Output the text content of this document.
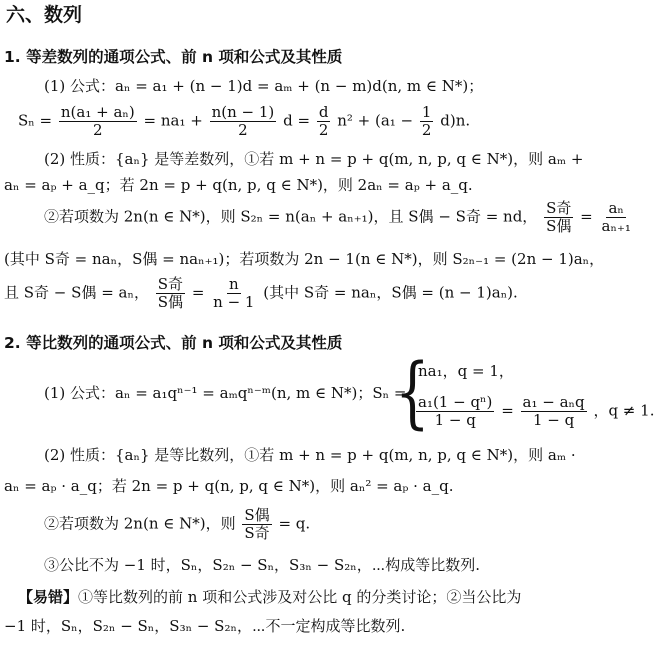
六、数列
1. 等差数列的通项公式、前 n 项和公式及其性质
(1) 公式：aₙ = a₁ + (n − 1)d = aₘ + (n − m)d(n, m ∈ N*)；
$S_n = \frac{\text{n(a₁ + aₙ)}}{2} = na_1 + \frac{n(n - 1)}{2}$ $d = \frac{d}{2} n^2 + (a_1 - \frac{1}{2} d)n$.
(2) 性质：{aₙ} 是等差数列，①若 m + n = p + q(m, n, p, q ∈ N*)，则 aₘ +
aₙ = aₚ + a_q；若 2n = p + q(n, p, q ∈ N*)，则 2aₙ = aₚ + a_q.
②若项数为 2n(n ∈ N*)，则 S₂ₙ = n(aₙ + aₙ₊₁)，且 S偶 − S奇 = nd， $\frac{\text{S奇}}{\text{S偶}} = \frac{\text{aₙ}}{\text{aₙ₊₁}}$
(其中 S奇 = naₙ，S偶 = naₙ₊₁)；若项数为 2n − 1(n ∈ N*)，则 S₂ₙ₋₁ = (2n − 1)aₙ，
且 S奇 − S偶 = aₙ， $\frac{\text{S奇}}{\text{S偶}} = \frac{n}{n - 1}$ (其中 S奇 = naₙ，S偶 = (n − 1)aₙ).
2. 等比数列的通项公式、前 n 项和公式及其性质
(1) 公式：aₙ = a₁qⁿ⁻¹ = aₘqⁿ⁻ᵐ(n, m ∈ N*)；Sₙ =
{
na₁，q = 1，
$\frac{\text{a₁(1 − qⁿ)}}{1 - q} = \frac{\text{a₁ − aₙq}}{1 - q}$ ，q ≠ 1.
(2) 性质：{aₙ} 是等比数列，①若 m + n = p + q(m, n, p, q ∈ N*)，则 aₘ ·
aₙ = aₚ · a_q；若 2n = p + q(n, p, q ∈ N*)，则 aₙ² = aₚ · a_q.
②若项数为 2n(n ∈ N*)，则 $\frac{\text{S偶}}{\text{S奇}} = q$.
③公比不为 −1 时，Sₙ，S₂ₙ − Sₙ，S₃ₙ − S₂ₙ，⋯构成等比数列.
【易错】①等比数列的前 n 项和公式涉及对公比 q 的分类讨论；②当公比为
−1 时，Sₙ，S₂ₙ − Sₙ，S₃ₙ − S₂ₙ，⋯不一定构成等比数列.
